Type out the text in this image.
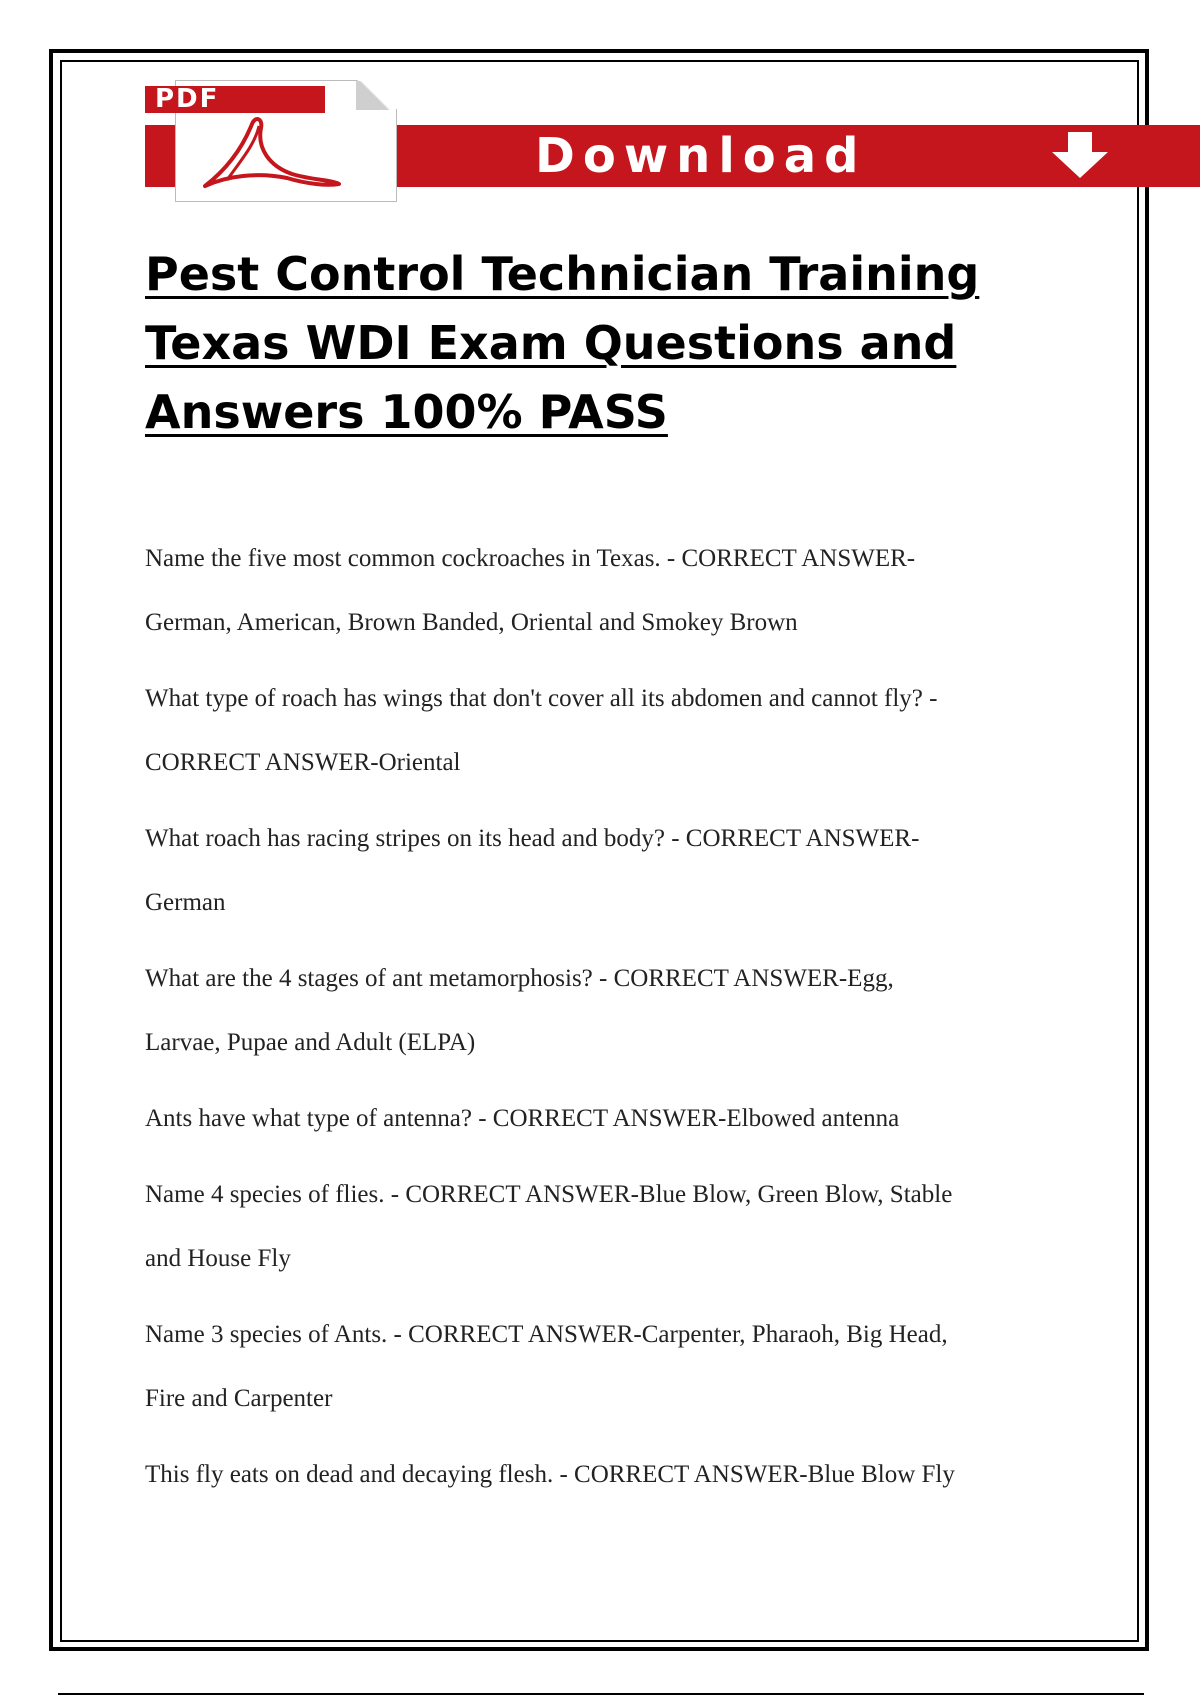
Download
PDF
Pest Control Technician Training
Texas WDI Exam Questions and
Answers 100% PASS

Name the five most common cockroaches in Texas. - CORRECT ANSWER-
German, American, Brown Banded, Oriental and Smokey Brown

What type of roach has wings that don't cover all its abdomen and cannot fly? -
CORRECT ANSWER-Oriental

What roach has racing stripes on its head and body? - CORRECT ANSWER-
German

What are the 4 stages of ant metamorphosis? - CORRECT ANSWER-Egg,
Larvae, Pupae and Adult (ELPA)

Ants have what type of antenna? - CORRECT ANSWER-Elbowed antenna

Name 4 species of flies. - CORRECT ANSWER-Blue Blow, Green Blow, Stable
and House Fly

Name 3 species of Ants. - CORRECT ANSWER-Carpenter, Pharaoh, Big Head,
Fire and Carpenter

This fly eats on dead and decaying flesh. - CORRECT ANSWER-Blue Blow Fly
